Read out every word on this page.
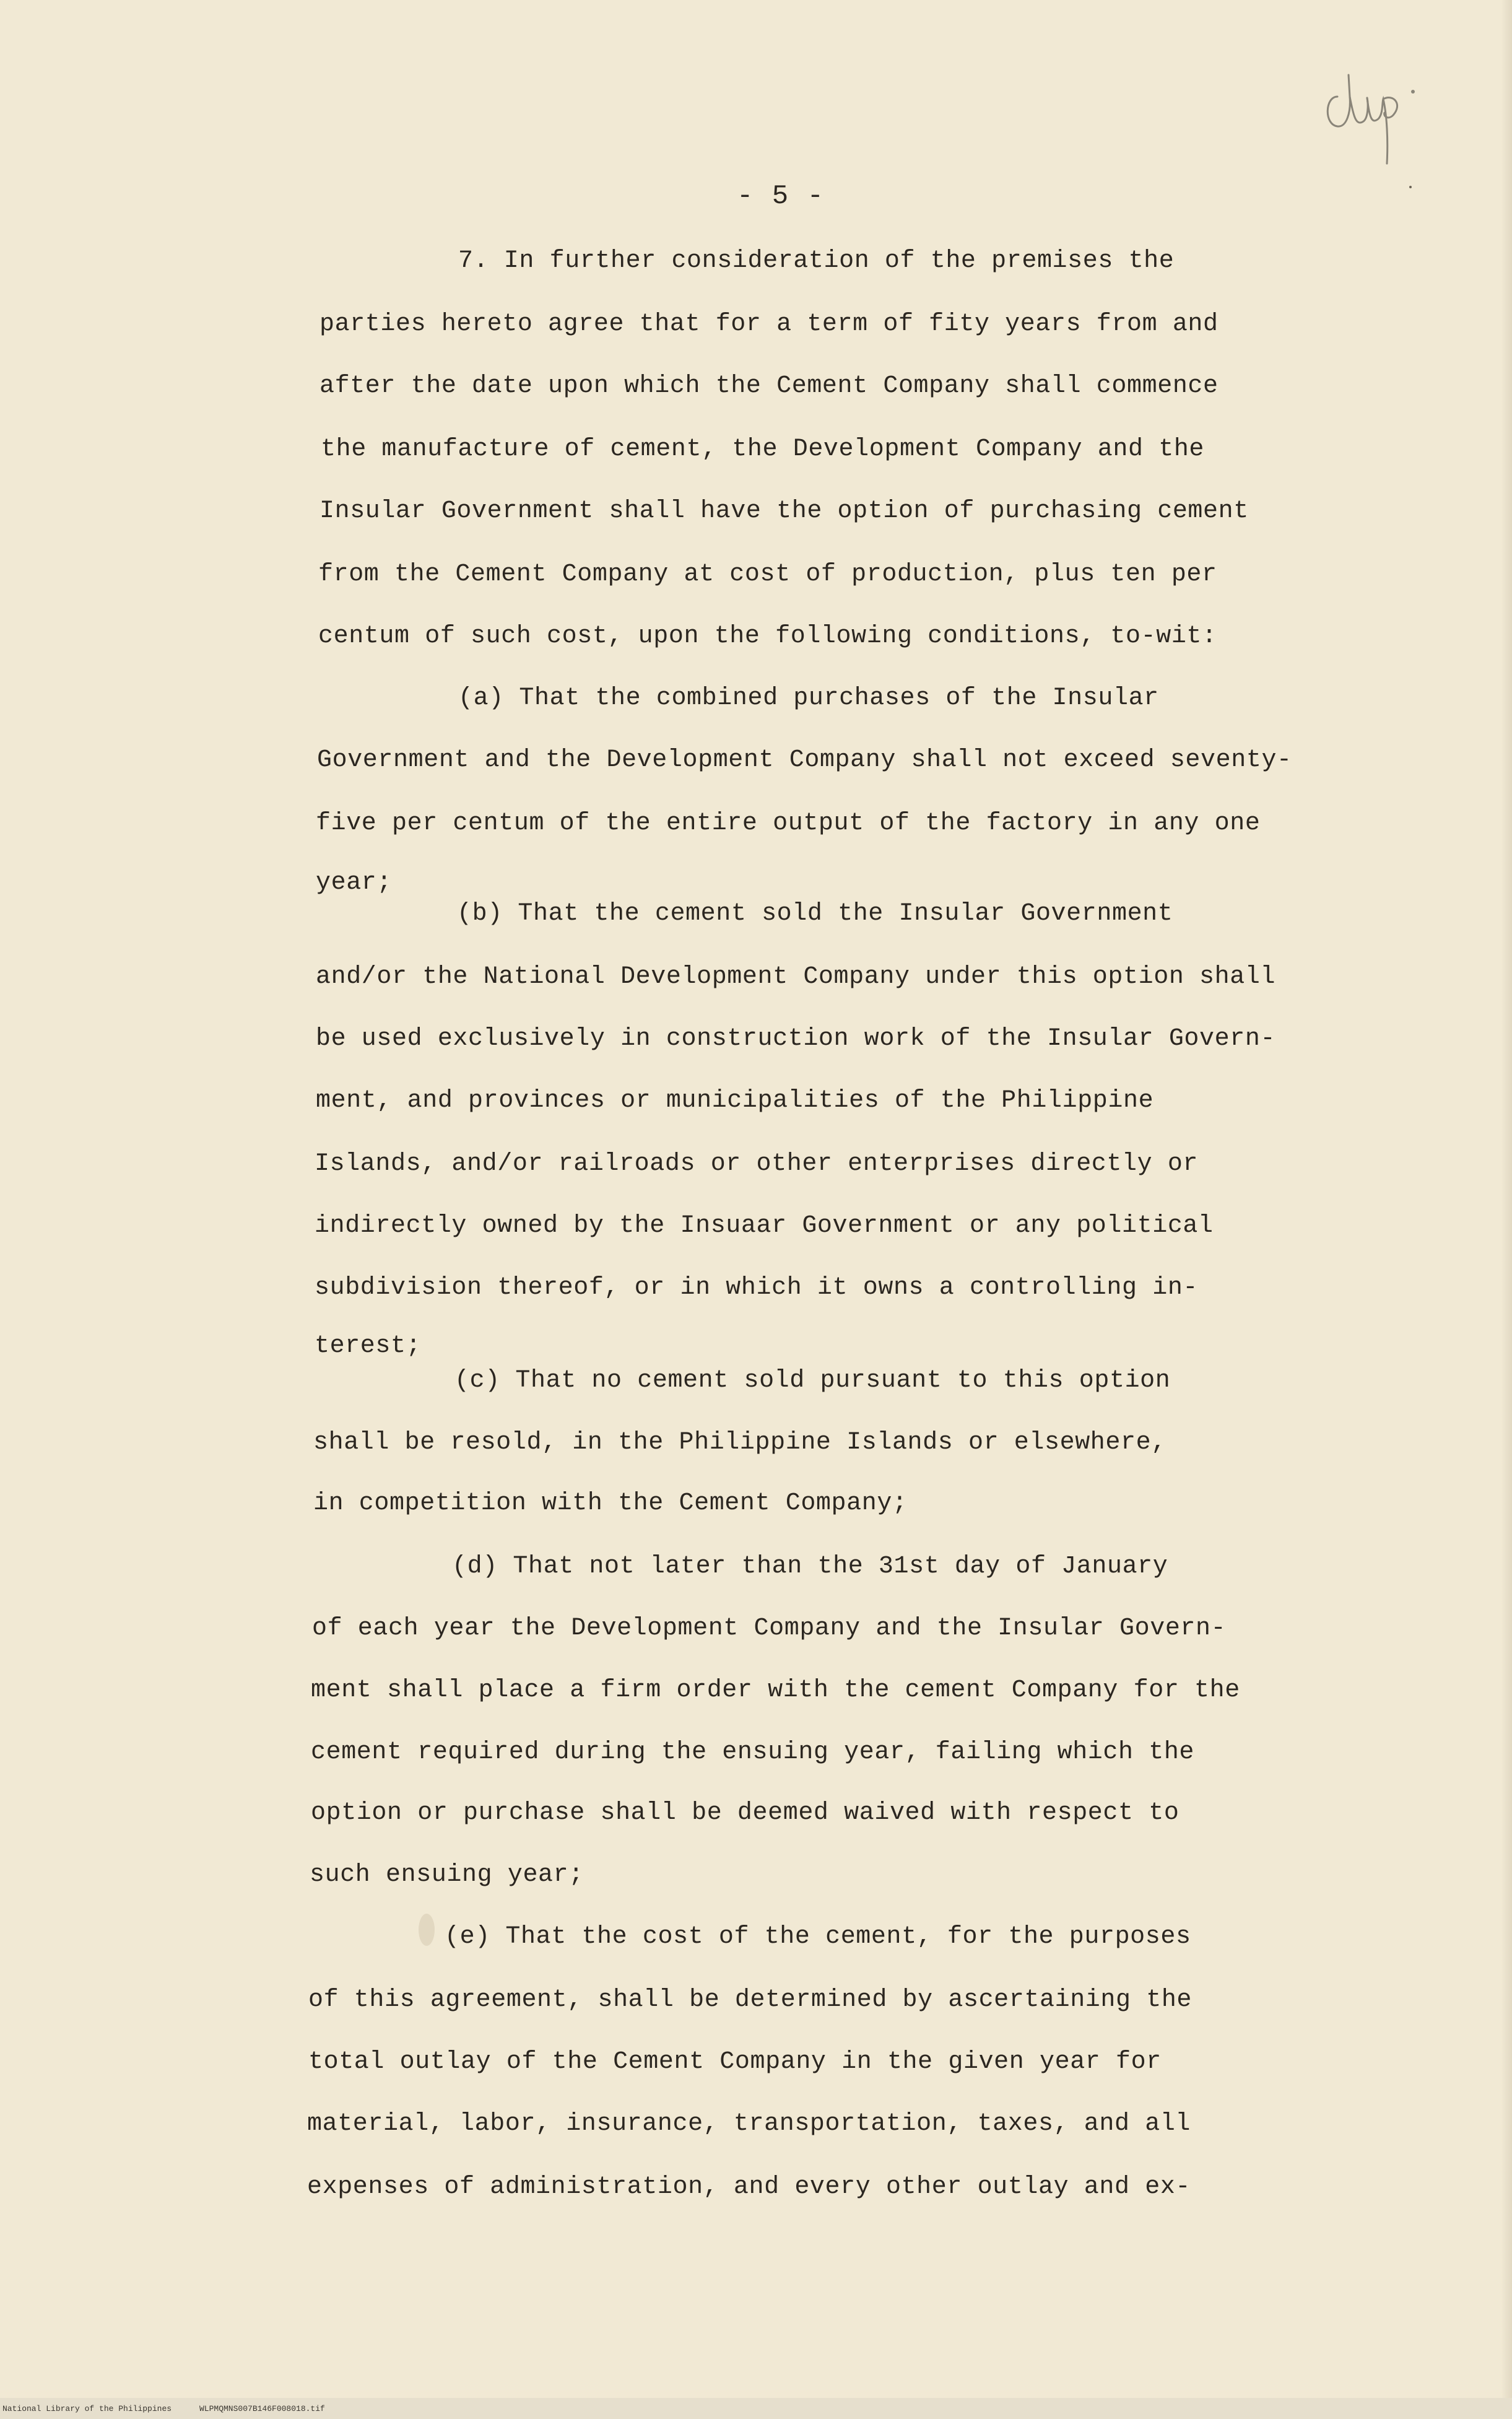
- 5 -
7. In further consideration of the premises the
parties hereto agree that for a term of fity years from and
after the date upon which the Cement Company shall commence
the manufacture of cement, the Development Company and the
Insular Government shall have the option of purchasing cement
from the Cement Company at cost of production, plus ten per
centum of such cost, upon the following conditions, to-wit:
(a) That the combined purchases of the Insular
Government and the Development Company shall not exceed seventy-
five per centum of the entire output of the factory in any one
year;
(b) That the cement sold the Insular Government
and/or the National Development Company under this option shall
be used exclusively in construction work of the Insular Govern-
ment, and provinces or municipalities of the Philippine
Islands, and/or railroads or other enterprises directly or
indirectly owned by the Insuaar Government or any political
subdivision thereof, or in which it owns a controlling in-
terest;
(c) That no cement sold pursuant to this option
shall be resold, in the Philippine Islands or elsewhere,
in competition with the Cement Company;
(d) That not later than the 31st day of January
of each year the Development Company and the Insular Govern-
ment shall place a firm order with the cement Company for the
cement required during the ensuing year, failing which the
option or purchase shall be deemed waived with respect to
such ensuing year;
(e) That the cost of the cement, for the purposes
of this agreement, shall be determined by ascertaining the
total outlay of the Cement Company in the given year for
material, labor, insurance, transportation, taxes, and all
expenses of administration, and every other outlay and ex-
National Library of the Philippines	WLPMQMNS007B146F008018.tif
